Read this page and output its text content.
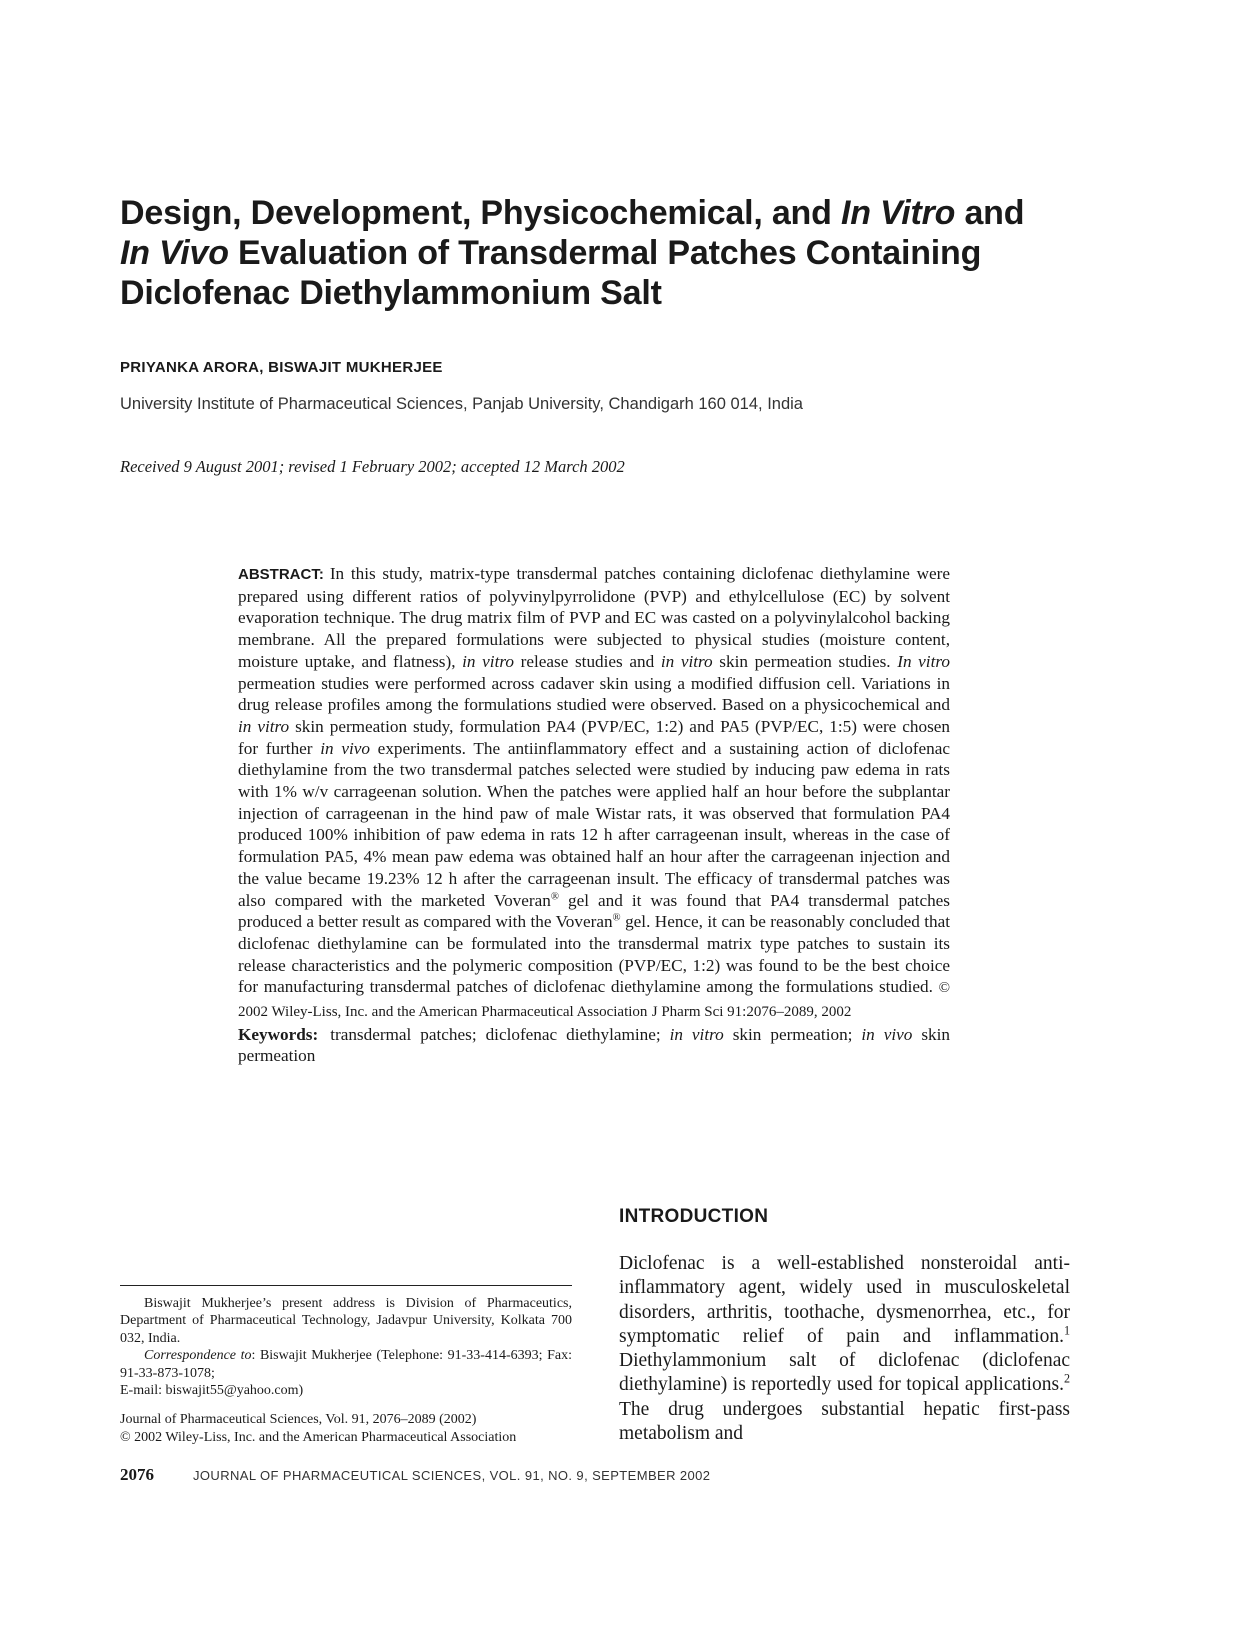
Design, Development, Physicochemical, and In Vitro and
In Vivo Evaluation of Transdermal Patches Containing
Diclofenac Diethylammonium Salt
PRIYANKA ARORA, BISWAJIT MUKHERJEE
University Institute of Pharmaceutical Sciences, Panjab University, Chandigarh 160 014, India
Received 9 August 2001; revised 1 February 2002; accepted 12 March 2002

ABSTRACT: In this study, matrix-type transdermal patches containing diclofenac diethylamine were prepared using different ratios of polyvinylpyrrolidone (PVP) and ethylcellulose (EC) by solvent evaporation technique. The drug matrix film of PVP and EC was casted on a polyvinylalcohol backing membrane. All the prepared formulations were subjected to physical studies (moisture content, moisture uptake, and flatness), in vitro release studies and in vitro skin permeation studies. In vitro permeation studies were performed across cadaver skin using a modified diffusion cell. Variations in drug release profiles among the formulations studied were observed. Based on a physicochemical and in vitro skin permeation study, formulation PA4 (PVP/EC, 1:2) and PA5 (PVP/EC, 1:5) were chosen for further in vivo experiments. The antiinflammatory effect and a sustaining action of diclofenac diethylamine from the two transdermal patches selected were studied by inducing paw edema in rats with 1% w/v carrageenan solution. When the patches were applied half an hour before the subplantar injection of carrageenan in the hind paw of male Wistar rats, it was observed that formulation PA4 produced 100% inhibition of paw edema in rats 12 h after carrageenan insult, whereas in the case of formulation PA5, 4% mean paw edema was obtained half an hour after the carrageenan injection and the value became 19.23% 12 h after the carrageenan insult. The efficacy of transdermal patches was also compared with the marketed Voveran® gel and it was found that PA4 transdermal patches produced a better result as compared with the Voveran® gel. Hence, it can be reasonably concluded that diclofenac diethylamine can be formulated into the transdermal matrix type patches to sustain its release characteristics and the polymeric composition (PVP/EC, 1:2) was found to be the best choice for manufacturing transdermal patches of diclofenac diethylamine among the formulations studied. © 2002 Wiley-Liss, Inc. and the American Pharmaceutical Association J Pharm Sci 91:2076–2089, 2002

Keywords: transdermal patches; diclofenac diethylamine; in vitro skin permeation; in vivo skin permeation

INTRODUCTION

Diclofenac is a well-established nonsteroidal anti-inflammatory agent, widely used in musculoskeletal disorders, arthritis, toothache, dysmenorrhea, etc., for symptomatic relief of pain and inflammation.$^1$ Diethylammonium salt of diclofenac (diclofenac diethylamine) is reportedly used for topical applications.$^2$ The drug undergoes substantial hepatic first-pass metabolism and

Biswajit Mukherjee’s present address is Division of Pharmaceutics, Department of Pharmaceutical Technology, Jadavpur University, Kolkata 700 032, India.

Correspondence to: Biswajit Mukherjee (Telephone: 91-33-414-6393; Fax: 91-33-873-1078;

E-mail: biswajit55@yahoo.com)

Journal of Pharmaceutical Sciences, Vol. 91, 2076–2089 (2002)

© 2002 Wiley-Liss, Inc. and the American Pharmaceutical Association

2076	JOURNAL OF PHARMACEUTICAL SCIENCES, VOL. 91, NO. 9, SEPTEMBER 2002
